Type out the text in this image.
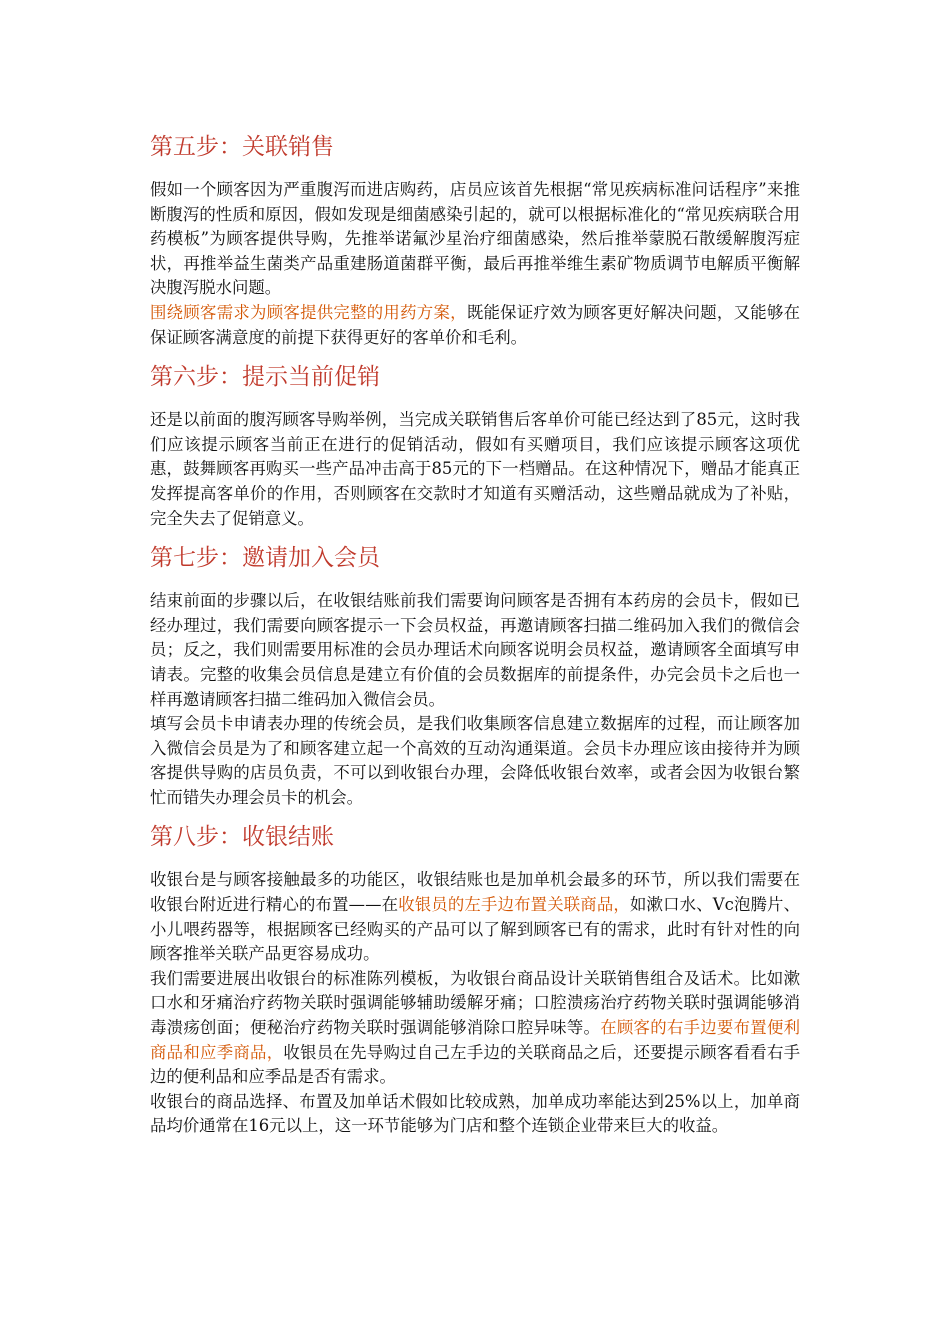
第五步：关联销售

假如一个顾客因为严重腹泻而进店购药，店员应该首先根据“常见疾病标准问话程序”来推断腹泻的性质和原因，假如发现是细菌感染引起的，就可以根据标准化的“常见疾病联合用药模板”为顾客提供导购，先推举诺氟沙星治疗细菌感染，然后推举蒙脱石散缓解腹泻症状，再推举益生菌类产品重建肠道菌群平衡，最后再推举维生素矿物质调节电解质平衡解决腹泻脱水问题。

围绕顾客需求为顾客提供完整的用药方案，既能保证疗效为顾客更好解决问题，又能够在保证顾客满意度的前提下获得更好的客单价和毛利。

第六步：提示当前促销

还是以前面的腹泻顾客导购举例，当完成关联销售后客单价可能已经达到了85元，这时我们应该提示顾客当前正在进行的促销活动，假如有买赠项目，我们应该提示顾客这项优惠，鼓舞顾客再购买一些产品冲击高于85元的下一档赠品。在这种情况下，赠品才能真正发挥提高客单价的作用，否则顾客在交款时才知道有买赠活动，这些赠品就成为了补贴，完全失去了促销意义。

第七步：邀请加入会员

结束前面的步骤以后，在收银结账前我们需要询问顾客是否拥有本药房的会员卡，假如已经办理过，我们需要向顾客提示一下会员权益，再邀请顾客扫描二维码加入我们的微信会员；反之，我们则需要用标准的会员办理话术向顾客说明会员权益，邀请顾客全面填写申请表。完整的收集会员信息是建立有价值的会员数据库的前提条件，办完会员卡之后也一样再邀请顾客扫描二维码加入微信会员。

填写会员卡申请表办理的传统会员，是我们收集顾客信息建立数据库的过程，而让顾客加入微信会员是为了和顾客建立起一个高效的互动沟通渠道。会员卡办理应该由接待并为顾客提供导购的店员负责，不可以到收银台办理，会降低收银台效率，或者会因为收银台繁忙而错失办理会员卡的机会。

第八步：收银结账

收银台是与顾客接触最多的功能区，收银结账也是加单机会最多的环节，所以我们需要在收银台附近进行精心的布置——在收银员的左手边布置关联商品，如漱口水、Vc泡腾片、小儿喂药器等，根据顾客已经购买的产品可以了解到顾客已有的需求，此时有针对性的向顾客推举关联产品更容易成功。

我们需要进展出收银台的标准陈列模板，为收银台商品设计关联销售组合及话术。比如漱口水和牙痛治疗药物关联时强调能够辅助缓解牙痛；口腔溃疡治疗药物关联时强调能够消毒溃疡创面；便秘治疗药物关联时强调能够消除口腔异味等。在顾客的右手边要布置便利商品和应季商品，收银员在先导购过自己左手边的关联商品之后，还要提示顾客看看右手边的便利品和应季品是否有需求。

收银台的商品选择、布置及加单话术假如比较成熟，加单成功率能达到25%以上，加单商品均价通常在16元以上，这一环节能够为门店和整个连锁企业带来巨大的收益。
